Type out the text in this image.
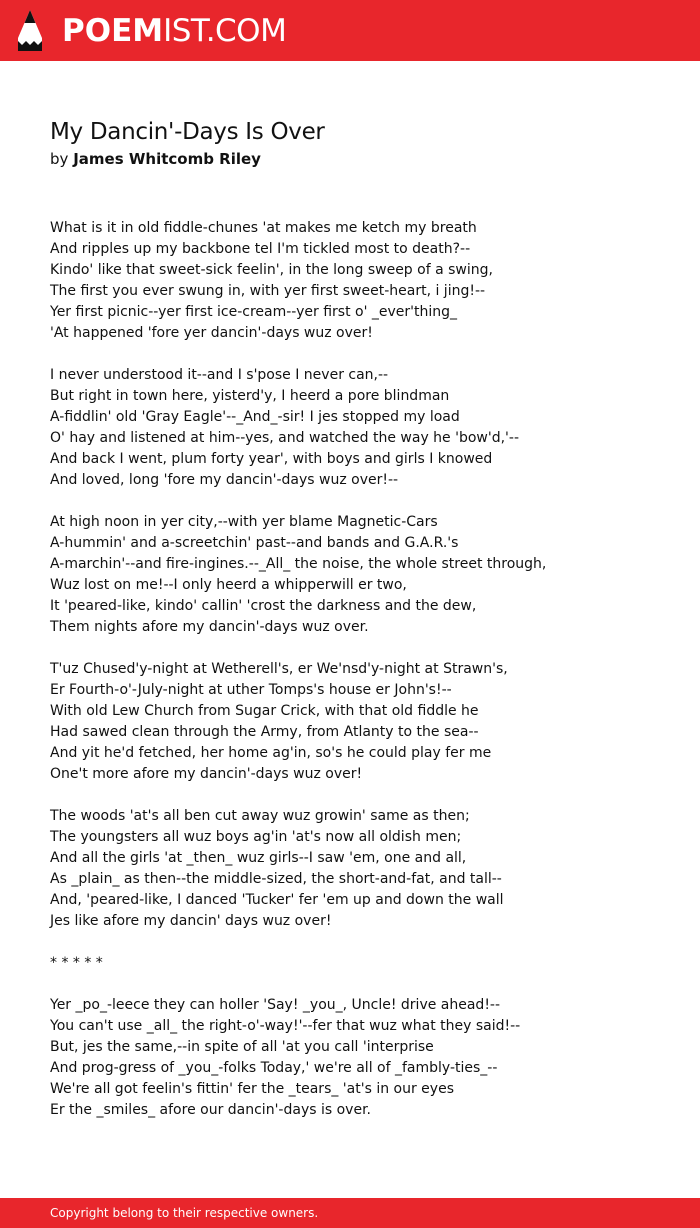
POEMIST.COM
My Dancin'-Days Is Over
by James Whitcomb Riley
What is it in old fiddle-chunes 'at makes me ketch my breath
And ripples up my backbone tel I'm tickled most to death?--
Kindo' like that sweet-sick feelin', in the long sweep of a swing,
The first you ever swung in, with yer first sweet-heart, i jing!--
Yer first picnic--yer first ice-cream--yer first o' _ever'thing_
'At happened 'fore yer dancin'-days wuz over!
I never understood it--and I s'pose I never can,--
But right in town here, yisterd'y, I heerd a pore blindman
A-fiddlin' old 'Gray Eagle'--_And_-sir! I jes stopped my load
O' hay and listened at him--yes, and watched the way he 'bow'd,'--
And back I went, plum forty year', with boys and girls I knowed
And loved, long 'fore my dancin'-days wuz over!--
At high noon in yer city,--with yer blame Magnetic-Cars
A-hummin' and a-screetchin' past--and bands and G.A.R.'s
A-marchin'--and fire-ingines.--_All_ the noise, the whole street through,
Wuz lost on me!--I only heerd a whipperwill er two,
It 'peared-like, kindo' callin' 'crost the darkness and the dew,
Them nights afore my dancin'-days wuz over.
T'uz Chused'y-night at Wetherell's, er We'nsd'y-night at Strawn's,
Er Fourth-o'-July-night at uther Tomps's house er John's!--
With old Lew Church from Sugar Crick, with that old fiddle he
Had sawed clean through the Army, from Atlanty to the sea--
And yit he'd fetched, her home ag'in, so's he could play fer me
One't more afore my dancin'-days wuz over!
The woods 'at's all ben cut away wuz growin' same as then;
The youngsters all wuz boys ag'in 'at's now all oldish men;
And all the girls 'at _then_ wuz girls--I saw 'em, one and all,
As _plain_ as then--the middle-sized, the short-and-fat, and tall--
And, 'peared-like, I danced 'Tucker' fer 'em up and down the wall
Jes like afore my dancin' days wuz over!
* * * * *
Yer _po_-leece they can holler 'Say! _you_, Uncle! drive ahead!--
You can't use _all_ the right-o'-way!'--fer that wuz what they said!--
But, jes the same,--in spite of all 'at you call 'interprise
And prog-gress of _you_-folks Today,' we're all of _fambly-ties_--
We're all got feelin's fittin' fer the _tears_ 'at's in our eyes
Er the _smiles_ afore our dancin'-days is over.
Copyright belong to their respective owners.
